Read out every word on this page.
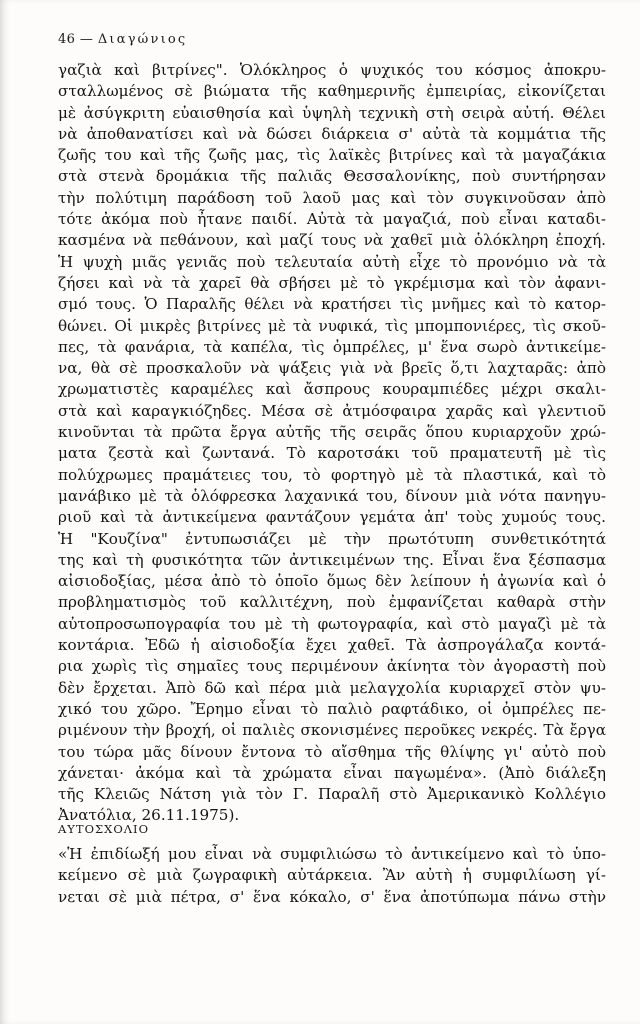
46 — Διαγώνιος
γαζιὰ καὶ βιτρίνες". Ὁλόκληρος ὁ ψυχικός του κόσμος ἀποκρυ-
σταλλωμένος σὲ βιώματα τῆς καθημερινῆς ἐμπειρίας, εἰκονίζεται
μὲ ἀσύγκριτη εὐαισθησία καὶ ὑψηλὴ τεχνικὴ στὴ σειρὰ αὐτή. Θέλει
νὰ ἀποθανατίσει καὶ νὰ δώσει διάρκεια σ' αὐτὰ τὰ κομμάτια τῆς
ζωῆς του καὶ τῆς ζωῆς μας, τὶς λαϊκὲς βιτρίνες καὶ τὰ μαγαζάκια
στὰ στενὰ δρομάκια τῆς παλιᾶς Θεσσαλονίκης, ποὺ συντήρησαν
τὴν πολύτιμη παράδοση τοῦ λαοῦ μας καὶ τὸν συγκινοῦσαν ἀπὸ
τότε ἀκόμα ποὺ ἦτανε παιδί. Αὐτὰ τὰ μαγαζιά, ποὺ εἶναι καταδι-
κασμένα νὰ πεθάνουν, καὶ μαζί τους νὰ χαθεῖ μιὰ ὁλόκληρη ἐποχή.
Ἡ ψυχὴ μιᾶς γενιᾶς ποὺ τελευταία αὐτὴ εἶχε τὸ προνόμιο νὰ τὰ
ζήσει καὶ νὰ τὰ χαρεῖ θὰ σβήσει μὲ τὸ γκρέμισμα καὶ τὸν ἀφανι-
σμό τους. Ὁ Παραλῆς θέλει νὰ κρατήσει τὶς μνῆμες καὶ τὸ κατορ-
θώνει. Οἱ μικρὲς βιτρίνες μὲ τὰ νυφικά, τὶς μπομπονιέρες, τὶς σκοῦ-
πες, τὰ φανάρια, τὰ καπέλα, τὶς ὀμπρέλες, μ' ἕνα σωρὸ ἀντικείμε-
να, θὰ σὲ προσκαλοῦν νὰ ψάξεις γιὰ νὰ βρεῖς ὅ,τι λαχταρᾶς: ἀπὸ
χρωματιστὲς καραμέλες καὶ ἄσπρους κουραμπιέδες μέχρι σκαλι-
στὰ καὶ καραγκιόζηδες. Μέσα σὲ ἀτμόσφαιρα χαρᾶς καὶ γλεντιοῦ
κινοῦνται τὰ πρῶτα ἔργα αὐτῆς τῆς σειρᾶς ὅπου κυριαρχοῦν χρώ-
ματα ζεστὰ καὶ ζωντανά. Τὸ καροτσάκι τοῦ πραματευτῆ μὲ τὶς
πολύχρωμες πραμάτειες του, τὸ φορτηγὸ μὲ τὰ πλαστικά, καὶ τὸ
μανάβικο μὲ τὰ ὁλόφρεσκα λαχανικά του, δίνουν μιὰ νότα πανηγυ-
ριοῦ καὶ τὰ ἀντικείμενα φαντάζουν γεμάτα ἀπ' τοὺς χυμούς τους.
Ἡ "Κουζίνα" ἐντυπωσιάζει μὲ τὴν πρωτότυπη συνθετικότητά
της καὶ τὴ φυσικότητα τῶν ἀντικειμένων της. Εἶναι ἕνα ξέσπασμα
αἰσιοδοξίας, μέσα ἀπὸ τὸ ὁποῖο ὅμως δὲν λείπουν ἡ ἀγωνία καὶ ὁ
προβληματισμὸς τοῦ καλλιτέχνη, ποὺ ἐμφανίζεται καθαρὰ στὴν
αὐτοπροσωπογραφία του μὲ τὴ φωτογραφία, καὶ στὸ μαγαζὶ μὲ τὰ
κοντάρια. Ἐδῶ ἡ αἰσιοδοξία ἔχει χαθεῖ. Τὰ ἀσπρογάλαζα κοντά-
ρια χωρὶς τὶς σημαῖες τους περιμένουν ἀκίνητα τὸν ἀγοραστὴ ποὺ
δὲν ἔρχεται. Ἀπὸ δῶ καὶ πέρα μιὰ μελαγχολία κυριαρχεῖ στὸν ψυ-
χικό του χῶρο. Ἔρημο εἶναι τὸ παλιὸ ραφτάδικο, οἱ ὀμπρέλες πε-
ριμένουν τὴν βροχή, οἱ παλιὲς σκονισμένες περοῦκες νεκρές. Τὰ ἔργα
του τώρα μᾶς δίνουν ἔντονα τὸ αἴσθημα τῆς θλίψης γι' αὐτὸ ποὺ
χάνεται· ἀκόμα καὶ τὰ χρώματα εἶναι παγωμένα». (Ἀπὸ διάλεξη
τῆς Κλειῶς Νάτση γιὰ τὸν Γ. Παραλῆ στὸ Ἀμερικανικὸ Κολλέγιο
Ἀνατόλια, 26.11.1975).
ΑΥΤΟΣΧΟΛΙΟ
«Ἡ ἐπιδίωξή μου εἶναι νὰ συμφιλιώσω τὸ ἀντικείμενο καὶ τὸ ὑπο-
κείμενο σὲ μιὰ ζωγραφικὴ αὐτάρκεια. Ἂν αὐτὴ ἡ συμφιλίωση γί-
νεται σὲ μιὰ πέτρα, σ' ἕνα κόκαλο, σ' ἕνα ἀποτύπωμα πάνω στὴν
